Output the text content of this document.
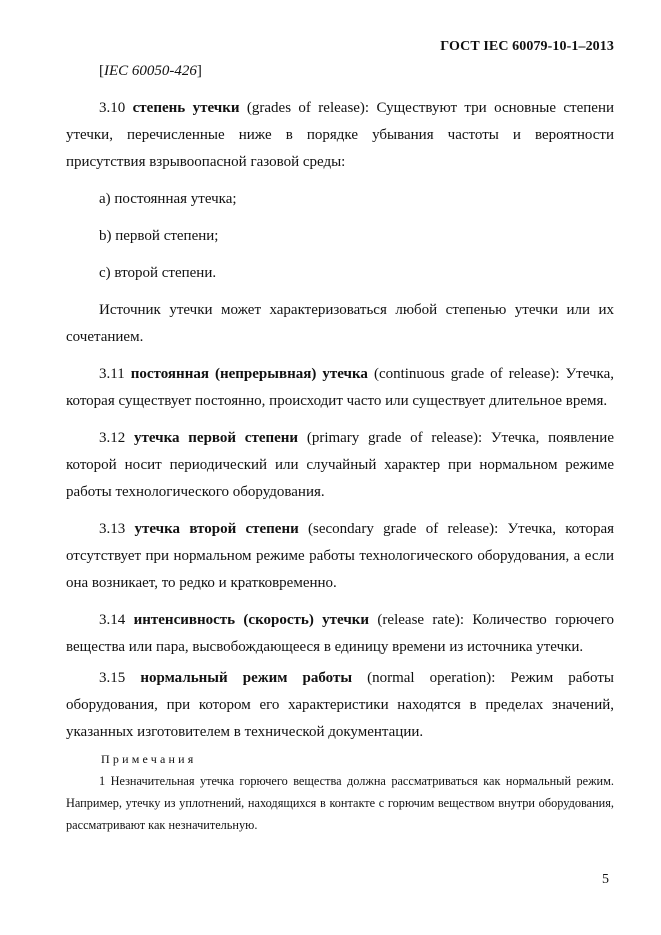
ГОСТ IEC 60079-10-1–2013

[IEC 60050-426]

3.10 степень утечки (grades of release): Существуют три основные степени утечки, перечисленные ниже в порядке убывания частоты и вероятности присутствия взрывоопасной газовой среды:

a) постоянная утечка;

b) первой степени;

c) второй степени.

Источник утечки может характеризоваться любой степенью утечки или их сочетанием.

3.11 постоянная (непрерывная) утечка (continuous grade of release): Утечка, которая существует постоянно, происходит часто или существует длительное время.

3.12 утечка первой степени (primary grade of release): Утечка, появление которой носит периодический или случайный характер при нормальном режиме работы технологического оборудования.

3.13 утечка второй степени (secondary grade of release): Утечка, которая отсутствует при нормальном режиме работы технологического оборудования, а если она возникает, то редко и кратковременно.

3.14 интенсивность (скорость) утечки (release rate): Количество горючего вещества или пара, высвобождающееся в единицу времени из источника утечки.

3.15 нормальный режим работы (normal operation): Режим работы оборудования, при котором его характеристики находятся в пределах значений, указанных изготовителем в технической документации.

Примечания

1 Незначительная утечка горючего вещества должна рассматриваться как нормальный режим. Например, утечку из уплотнений, находящихся в контакте с горючим веществом внутри оборудования, рассматривают как незначительную.

5
